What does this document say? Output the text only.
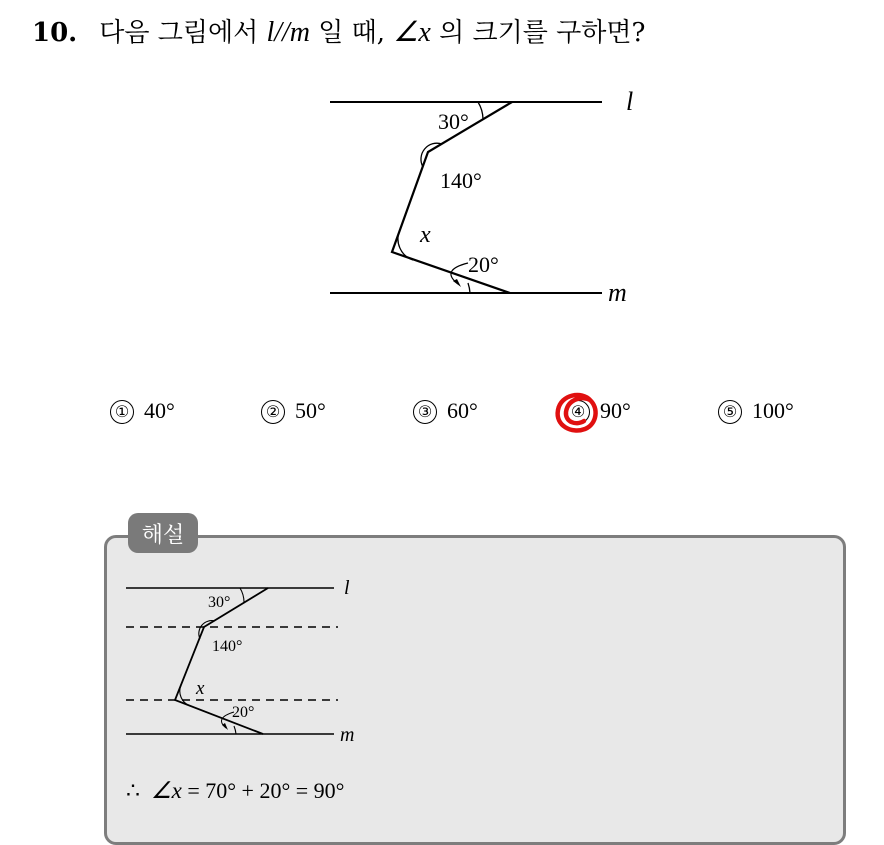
10. 다음 그림에서 l//m 일 때, ∠x 의 크기를 구하면?
l
m
30°
140°
x
20°
① 40°	② 50°	③ 60°	④ 90°	⑤ 100°
해설
l
m
30°
140°
x
20°
∴ ∠x = 70° + 20° = 90°
